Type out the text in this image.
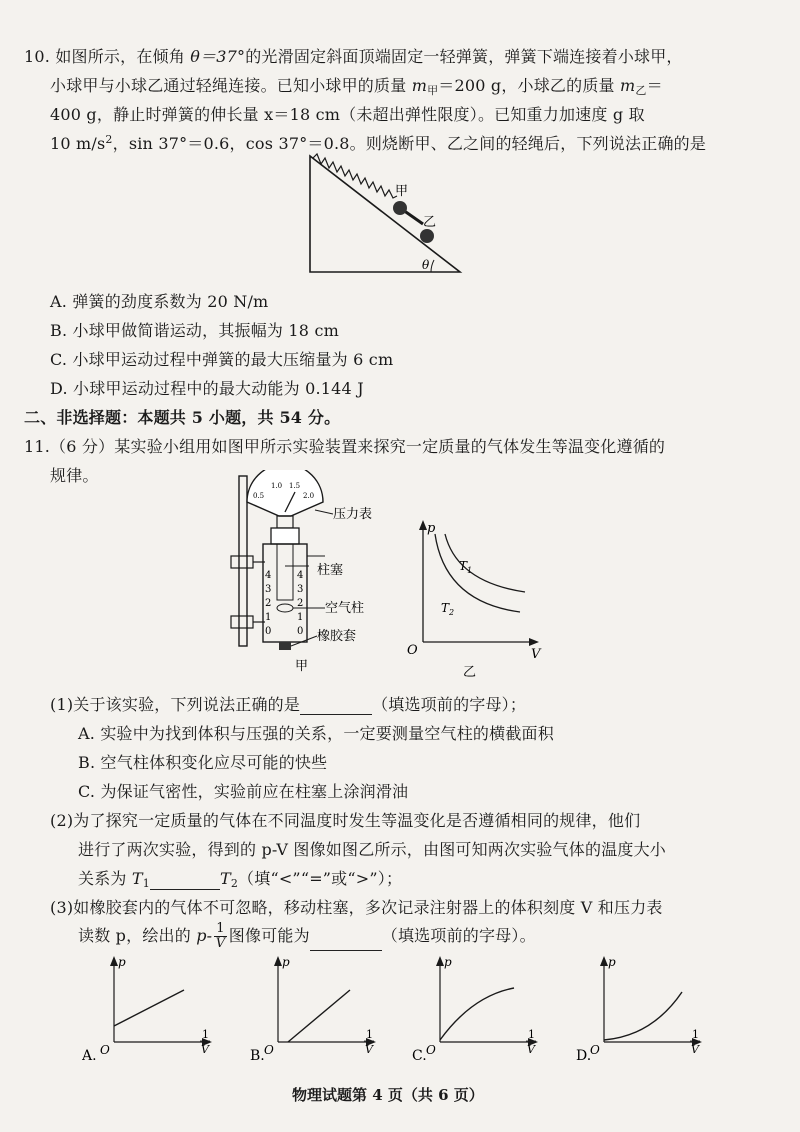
10. 如图所示，在倾角 θ＝37°的光滑固定斜面顶端固定一轻弹簧，弹簧下端连接着小球甲，
小球甲与小球乙通过轻绳连接。已知小球甲的质量 $m_甲=200$ g，小球乙的质量 $m_乙=$
400 g，静止时弹簧的伸长量 x＝18 cm（未超出弹性限度）。已知重力加速度 g 取
10 $m/s^2$，sin 37°＝0.6，cos 37°＝0.8。则烧断甲、乙之间的轻绳后，下列说法正确的是
甲
乙
θ
A. 弹簧的劲度系数为 20 N/m
B. 小球甲做简谐运动，其振幅为 18 cm
C. 小球甲运动过程中弹簧的最大压缩量为 6 cm
D. 小球甲运动过程中的最大动能为 0.144 J
二、非选择题：本题共 5 小题，共 54 分。
11.（6 分）某实验小组用如图甲所示实验装置来探究一定质量的气体发生等温变化遵循的
规律。
0.5
1.0 1.5
2.0
4
3
2
1
0
4
3
2
1
0
压力表
柱塞
空气柱
橡胶套
甲
p
V
O
$T_1$
$T_2$
乙
(1)关于该实验，下列说法正确的是	（填选项前的字母）；
A. 实验中为找到体积与压强的关系，一定要测量空气柱的横截面积
B. 空气柱体积变化应尽可能的快些
C. 为保证气密性，实验前应在柱塞上涂润滑油
(2)为了探究一定质量的气体在不同温度时发生等温变化是否遵循相同的规律，他们
进行了两次实验，得到的 p-V 图像如图乙所示，由图可知两次实验气体的温度大小
关系为 $T_1$	$T_2$（填“<”“=”或“>”）；
(3)如橡胶套内的气体不可忽略，移动柱塞，多次记录注射器上的体积刻度 V 和压力表
读数 p，绘出的 $p- \frac{1}{V}$ 图像可能为	（填选项前的字母）。
p
O
A.
1
V
p
O
B.
1
V
p
O
C.
1
V
p
O
D.
1
V
物理试题第 4 页（共 6 页）
